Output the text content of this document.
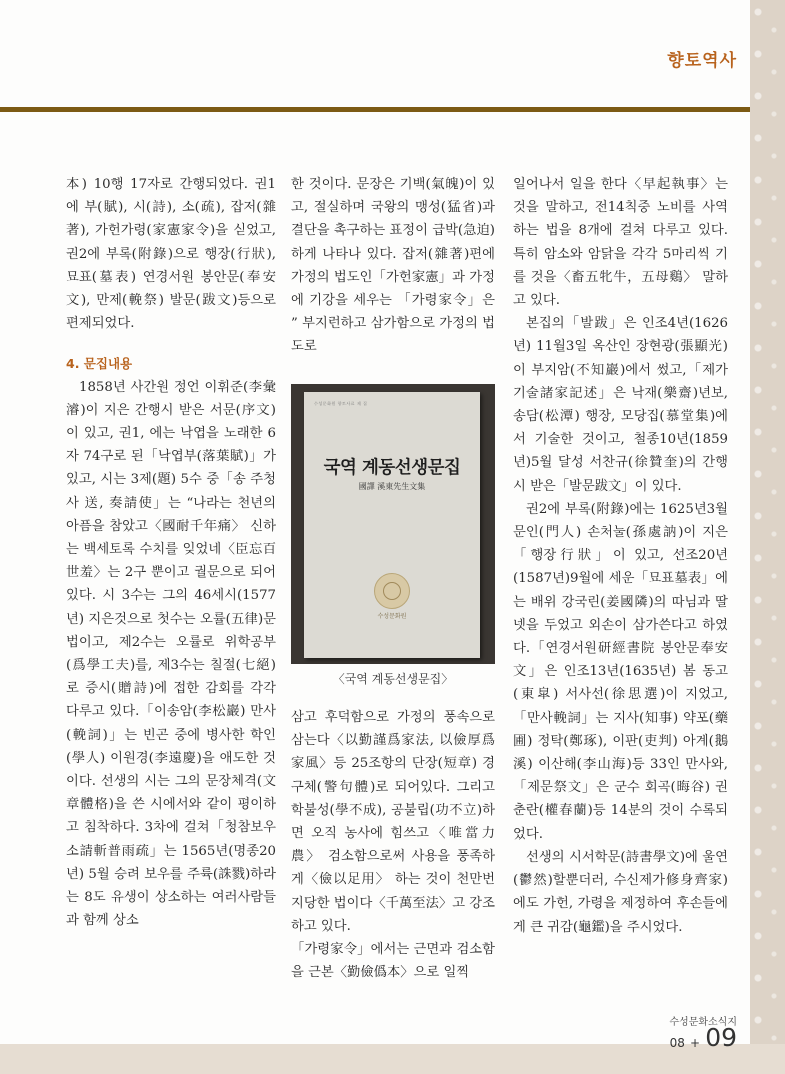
향토역사

本) 10행 17자로 간행되었다. 권1에 부(賦), 시(詩), 소(疏), 잡저(雜著), 가헌가령(家憲家令)을 싣었고, 권2에 부록(附錄)으로 행장(行狀), 묘표(墓表) 연경서원 봉안문(奉安文), 만제(輓祭) 발문(跋文)등으로 편제되었다.

4. 문집내용

1858년 사간원 정언 이휘준(李彙濬)이 지은 간행시 받은 서문(序文)이 있고, 권1, 에는 낙엽을 노래한 6자 74구로 된「낙엽부(落葉賦)」가 있고, 시는 3제(題) 5수 중「송 주청사 送, 奏請使」는 “나라는 천년의 아픔을 참았고〈國耐千年痛〉 신하는 백세토록 수치를 잊었네〈臣忘百世羞〉는 2구 뿐이고 궐문으로 되어있다. 시 3수는 그의 46세시(1577년) 지은것으로 첫수는 오률(五律)문법이고, 제2수는 오률로 위학공부(爲學工夫)를, 제3수는 칠절(七絕)로 증시(贈詩)에 접한 감회를 각각 다루고 있다.「이송암(李松巖) 만사(輓詞)」는 빈곤 중에 병사한 학인(學人) 이원경(李遠慶)을 애도한 것이다. 선생의 시는 그의 문장체격(文章體格)을 쓴 시에서와 같이 평이하고 침착하다. 3차에 걸쳐「청참보우소請斬普雨疏」는 1565년(명종20년) 5월 승려 보우를 주륙(誅戮)하라는 8도 유생이 상소하는 여러사람들과 함께 상소

한 것이다. 문장은 기백(氣魄)이 있고, 절실하며 국왕의 맹성(猛省)과 결단을 촉구하는 표정이 급박(急迫)하게 나타나 있다. 잡저(雜著)편에 가정의 법도인「가헌家憲」과 가정에 기강을 세우는 「가령家令」은 ” 부지런하고 삼가함으로 가정의 법도로

수성문화원 향토사료 제 집
국역 계동선생문집
國譯 溪東先生文集
수성문화원
〈국역 계동선생문집〉

삼고 후덕함으로 가정의 풍속으로 삼는다〈以勤謹爲家法, 以儉厚爲家風〉등 25조항의 단장(短章) 경구체(警句體)로 되어있다. 그리고 학불성(學不成), 공불립(功不立)하면 오직 농사에 힘쓰고〈唯當力農〉 검소함으로써 사용을 풍족하게〈儉以足用〉 하는 것이 천만번 지당한 법이다〈千萬至法〉고 강조하고 있다.

「가령家令」에서는 근면과 검소함을 근본〈勤儉僞本〉으로 일찍

일어나서 일을 한다〈早起執事〉는 것을 말하고, 전14칙중 노비를 사역하는 법을 8개에 걸쳐 다루고 있다. 특히 암소와 암닭을 각각 5마리씩 기를 것을〈畜五牝牛，五母鷄〉 말하고 있다.

본집의「발跋」은 인조4년(1626년) 11월3일 옥산인 장현광(張顯光)이 부지암(不知巖)에서 썼고,「제가기술諸家記述」은 낙재(樂齋)년보, 송담(松潭) 행장, 모당집(慕堂集)에서 기술한 것이고, 철종10년(1859년)5월 달성 서찬규(徐贊奎)의 간행시 받은「발문跋文」이 있다.

권2에 부록(附錄)에는 1625년3월 문인(門人) 손처눌(孫處訥)이 지은「행장行狀」이 있고, 선조20년(1587년)9월에 세운「묘표墓表」에는 배위 강국린(姜國隣)의 따님과 딸넷을 두었고 외손이 삼가쓴다고 하였다.「연경서원研經書院 봉안문奉安文」은 인조13년(1635년) 봄 동고(東皐) 서사선(徐思選)이 지었고,「만사輓詞」는 지사(知事) 약포(藥圃) 정탁(鄭琢), 이판(吏判) 아계(鵝溪) 이산해(李山海)등 33인 만사와,「제문祭文」은 군수 회곡(晦谷) 권춘란(權春蘭)등 14분의 것이 수록되었다.

선생의 시서학문(詩書學文)에 울연(鬱然)할뿐더러, 수신제가修身齊家)에도 가헌, 가령을 제정하여 후손들에게 큰 귀감(龜鑑)을 주시었다.

수성문화소식지
08 + 09
